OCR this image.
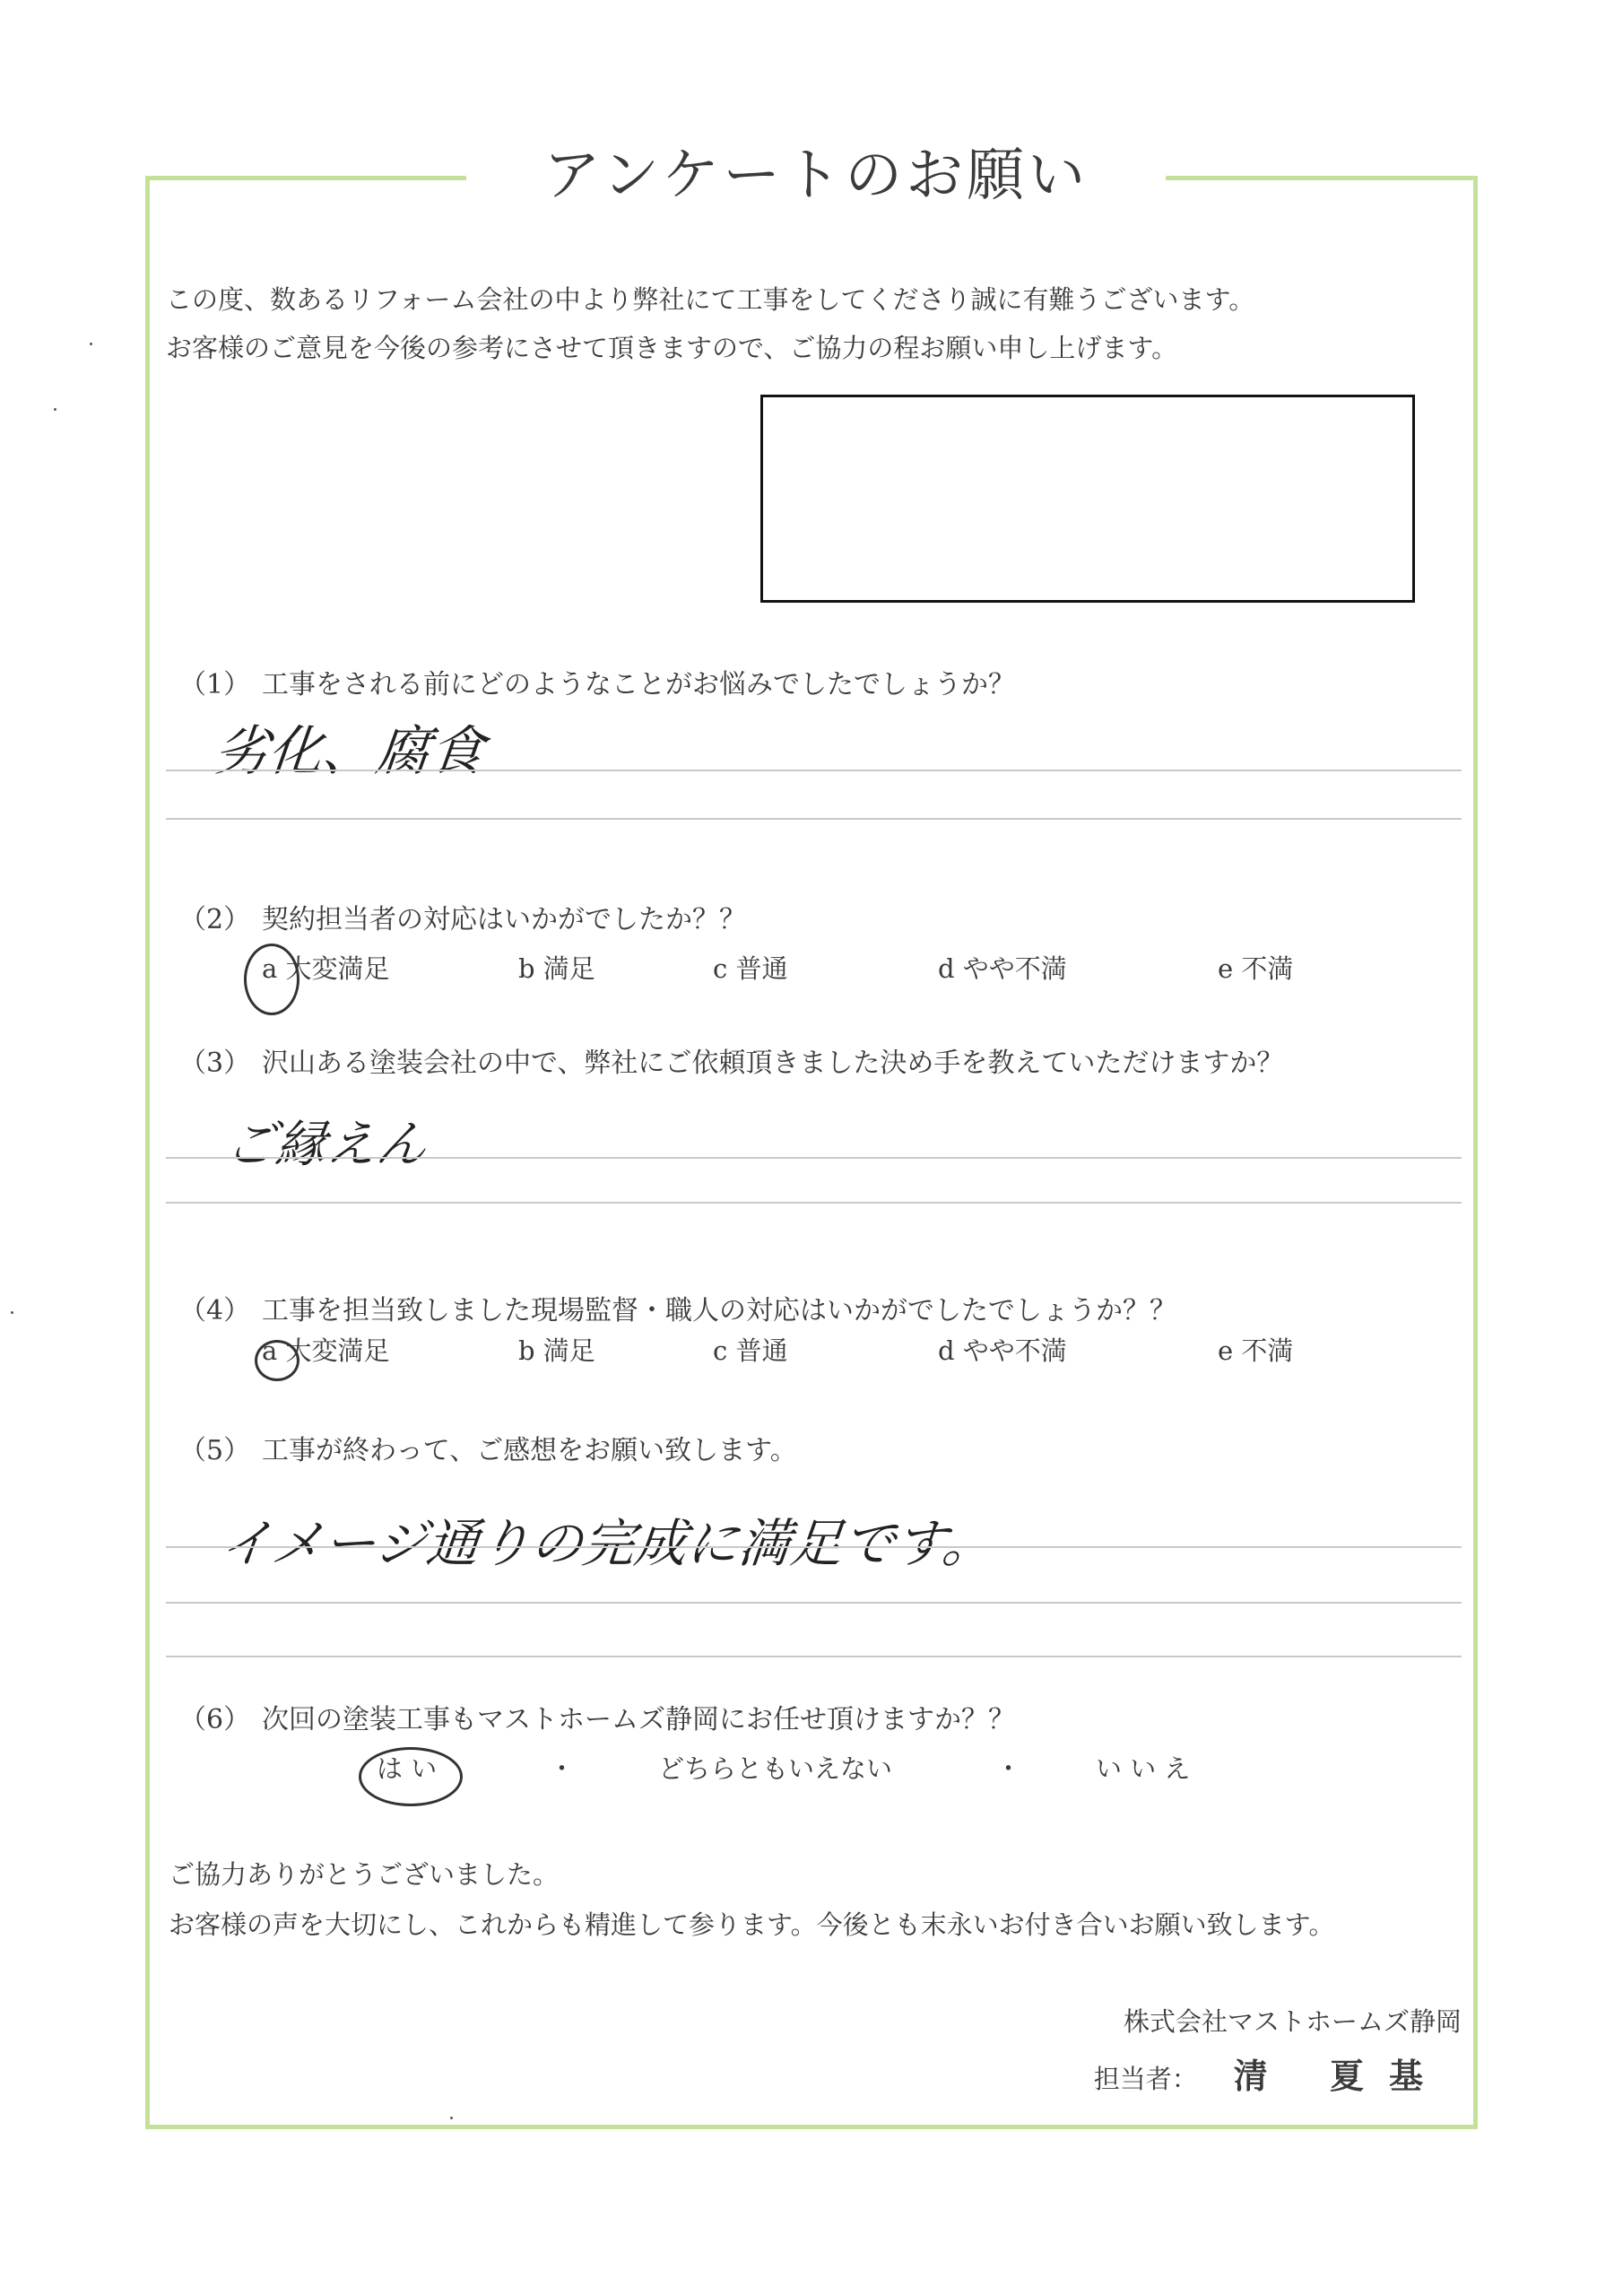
アンケートのお願い
この度、数あるリフォーム会社の中より弊社にて工事をしてくださり誠に有難うございます。
お客様のご意見を今後の参考にさせて頂きますので、ご協力の程お願い申し上げます。
（1） 工事をされる前にどのようなことがお悩みでしたでしょうか？
劣化、腐食
（2） 契約担当者の対応はいかがでしたか？？
a 大変満足	b 満足	c 普通	d やや不満	e 不満
（3） 沢山ある塗装会社の中で、弊社にご依頼頂きました決め手を教えていただけますか？
ご縁えん
（4） 工事を担当致しました現場監督・職人の対応はいかがでしたでしょうか？？
a 大変満足	b 満足	c 普通	d やや不満	e 不満
（5） 工事が終わって、ご感想をお願い致します。
イメージ通りの完成に満足です。
（6） 次回の塗装工事もマストホームズ静岡にお任せ頂けますか？？
は い	・	どちらともいえない	・	い い え
ご協力ありがとうございました。
お客様の声を大切にし、これからも精進して参ります。今後とも末永いお付き合いお願い致します。
株式会社マストホームズ静岡
担当者： 清 夏基
